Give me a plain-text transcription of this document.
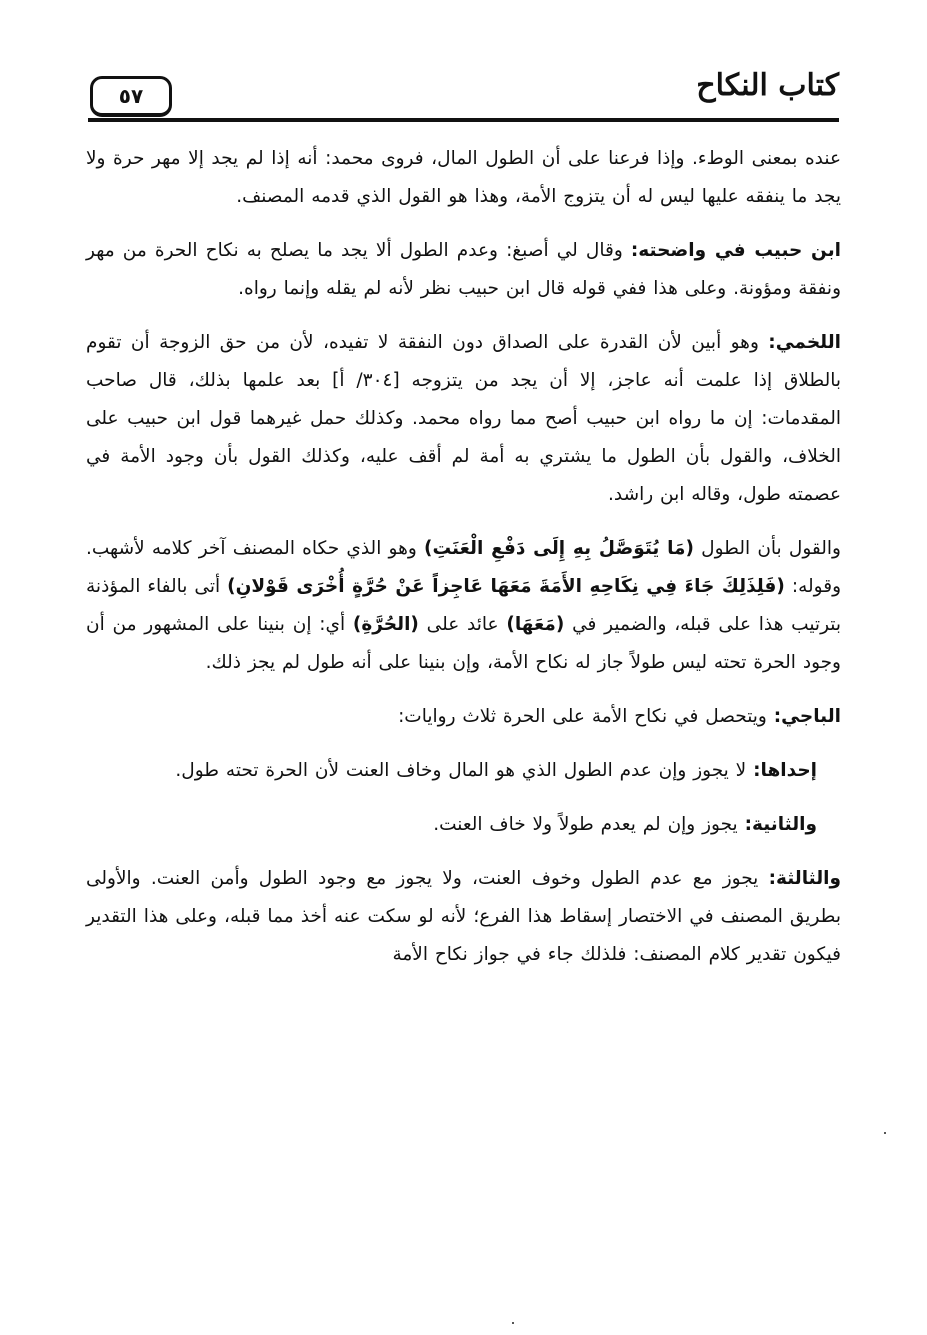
كتاب النكاح
٥٧

عنده بمعنى الوطء. وإذا فرعنا على أن الطول المال، فروى محمد: أنه إذا لم يجد إلا مهر حرة ولا يجد ما ينفقه عليها ليس له أن يتزوج الأمة، وهذا هو القول الذي قدمه المصنف.

ابن حبيب في واضحته: وقال لي أصبغ: وعدم الطول ألا يجد ما يصلح به نكاح الحرة من مهر ونفقة ومؤونة. وعلى هذا ففي قوله قال ابن حبيب نظر لأنه لم يقله وإنما رواه.

اللخمي: وهو أبين لأن القدرة على الصداق دون النفقة لا تفيده، لأن من حق الزوجة أن تقوم بالطلاق إذا علمت أنه عاجز، إلا أن يجد من يتزوجه [٣٠٤/ أ] بعد علمها بذلك، قال صاحب المقدمات: إن ما رواه ابن حبيب أصح مما رواه محمد. وكذلك حمل غيرهما قول ابن حبيب على الخلاف، والقول بأن الطول ما يشتري به أمة لم أقف عليه، وكذلك القول بأن وجود الأمة في عصمته طول، وقاله ابن راشد.

والقول بأن الطول (مَا يُتَوَصَّلُ بِهِ إِلَى دَفْعِ الْعَنَتِ) وهو الذي حكاه المصنف آخر كلامه لأشهب. وقوله: (فَلِذَلِكَ جَاءَ فِي نِكَاحِهِ الأَمَةَ مَعَهَا عَاجِزاً عَنْ حُرَّةٍ أُخْرَى قَوْلانِ) أتى بالفاء المؤذنة بترتيب هذا على قبله، والضمير في (مَعَهَا) عائد على (الحُرَّةِ) أي: إن بنينا على المشهور من أن وجود الحرة تحته ليس طولاً جاز له نكاح الأمة، وإن بنينا على أنه طول لم يجز ذلك.

الباجي: ويتحصل في نكاح الأمة على الحرة ثلاث روايات:

إحداها: لا يجوز وإن عدم الطول الذي هو المال وخاف العنت لأن الحرة تحته طول.

والثانية: يجوز وإن لم يعدم طولاً ولا خاف العنت.

والثالثة: يجوز مع عدم الطول وخوف العنت، ولا يجوز مع وجود الطول وأمن العنت. والأولى بطريق المصنف في الاختصار إسقاط هذا الفرع؛ لأنه لو سكت عنه أخذ مما قبله، وعلى هذا التقدير فيكون تقدير كلام المصنف: فلذلك جاء في جواز نكاح الأمة
